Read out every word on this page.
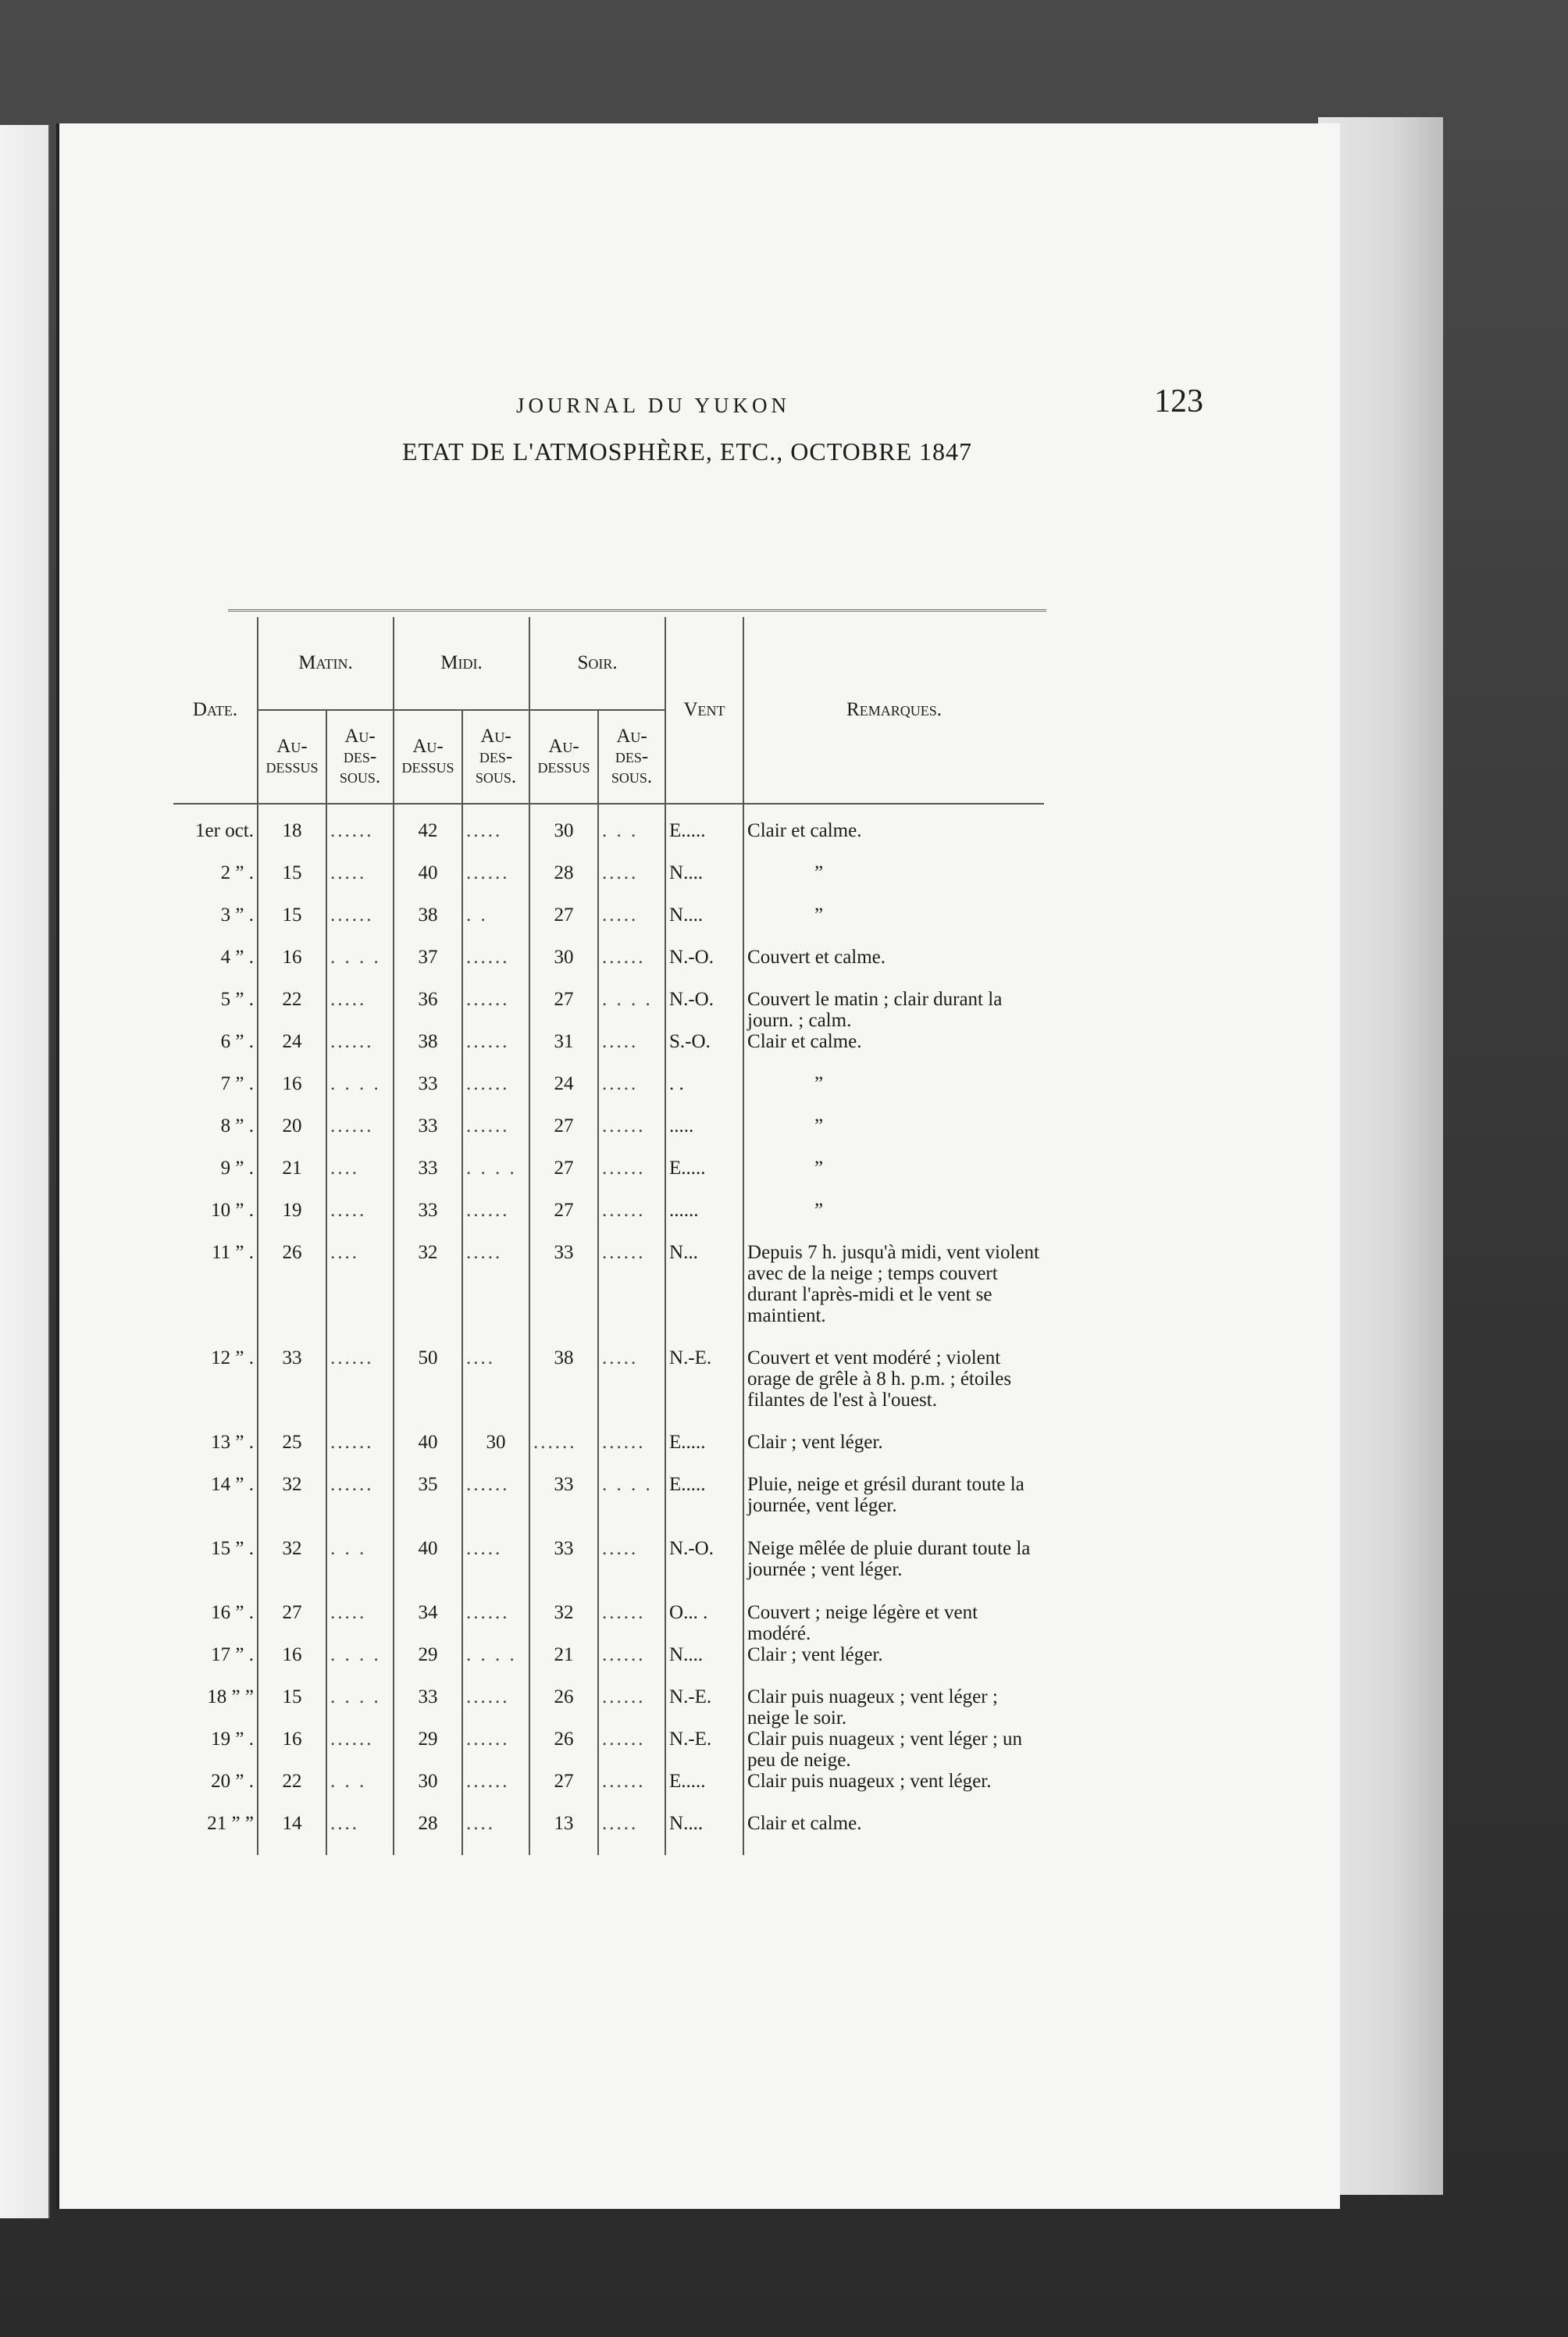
JOURNAL DU YUKON	123
ETAT DE L'ATMOSPHÈRE, ETC., OCTOBRE 1847
Date.	Matin.		Midi.		Soir.		Vent	Remarques.
	Au-dessus	Au-des-sous.	Au-dessus	Au-des-sous.	Au-dessus	Au-des-sous.		
1er oct.	18	......	42	.....	30	. . .	E.....	Clair et calme.
2 ” .	15	.....	40	......	28	.....	N....	”
3 ” .	15	......	38	. .	27	.....	N....	”
4 ” .	16	. . . .	37	......	30	......	N.-O.	Couvert et calme.
5 ” .	22	.....	36	......	27	. . . .	N.-O.	Couvert le matin ; clair durant la journ. ; calm.
6 ” .	24	......	38	......	31	.....	S.-O.	Clair et calme.
7 ” .	16	. . . .	33	......	24	.....	. .	”
8 ” .	20	......	33	......	27	......	.....	”
9 ” .	21	....	33	. . . .	27	......	E.....	”
10 ” .	19	.....	33	......	27	......	......	”
11 ” .	26	....	32	.....	33	......	N...	Depuis 7 h. jusqu'à midi, vent violent avec de la neige ; temps couvert durant l'après-midi et le vent se maintient.
12 ” .	33	......	50	....	38	.....	N.-E.	Couvert et vent modéré ; violent orage de grêle à 8 h. p.m. ; étoiles filantes de l'est à l'ouest.
13 ” .	25	......	40	30	......	......	E.....	Clair ; vent léger.
14 ” .	32	......	35	......	33	. . . .	E.....	Pluie, neige et grésil durant toute la journée, vent léger.
15 ” .	32	. . .	40	.....	33	.....	N.-O.	Neige mêlée de pluie durant toute la journée ; vent léger.
16 ” .	27	.....	34	......	32	......	O... .	Couvert ; neige légère et vent modéré.
17 ” .	16	. . . .	29	. . . .	21	......	N....	Clair ; vent léger.
18 ” ”	15	. . . .	33	......	26	......	N.-E.	Clair puis nuageux ; vent léger ; neige le soir.
19 ” .	16	......	29	......	26	......	N.-E.	Clair puis nuageux ; vent léger ; un peu de neige.
20 ” .	22	. . .	30	......	27	......	E.....	Clair puis nuageux ; vent léger.
21 ” ”	14	....	28	....	13	.....	N....	Clair et calme.
